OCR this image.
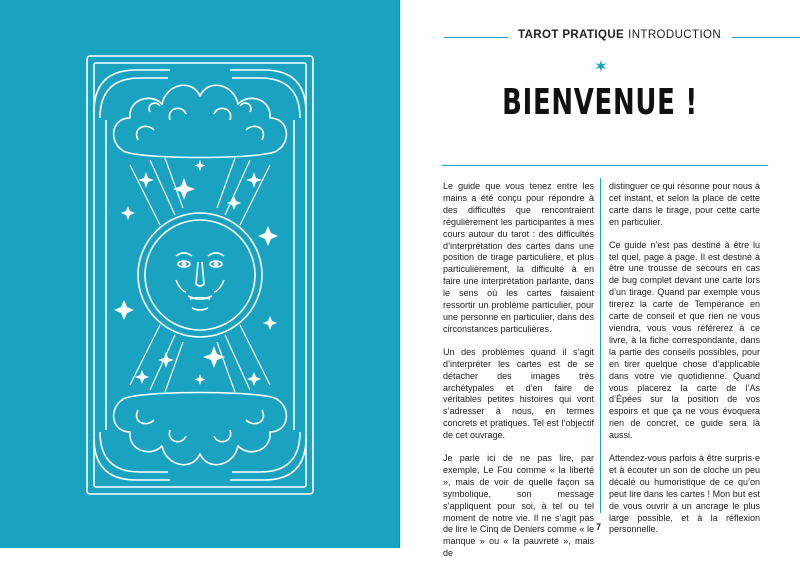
TAROT PRATIQUE INTRODUCTION
BIENVENUE !

Le guide que vous tenez entre les mains a été conçu pour répondre à des difficultés que rencontraient régulièrement les participantes à mes cours autour du tarot : des difficultés d’interprétation des cartes dans une position de tirage particulière, et plus particulièrement, la difficulté à en faire une interprétation parlante, dans le sens où les cartes faisaient ressortir un problème particulier, pour une personne en particulier, dans des circonstances particulières.

Un des problèmes quand il s’agit d’interpréter les cartes est de se détacher des images très archétypales et d’en faire de véritables petites histoires qui vont s’adresser à nous, en termes concrets et pratiques. Tel est l’objectif de cet ouvrage.

Je parle ici de ne pas lire, par exemple, Le Fou comme « la liberté », mais de voir de quelle façon sa symbolique, son message s’appliquent pour soi, à tel ou tel moment de notre vie. Il ne s’agit pas de lire le Cinq de Deniers comme « le manque » ou « la pauvreté », mais de

distinguer ce qui résonne pour nous à cet instant, et selon la place de cette carte dans le tirage, pour cette carte en particulier.

Ce guide n’est pas destiné à être lu tel quel, page à page. Il est destiné à être une trousse de secours en cas de bug complet devant une carte lors d’un tirage. Quand par exemple vous tirerez la carte de Tempérance en carte de conseil et que rien ne vous viendra, vous vous référerez à ce livre, à la fiche correspondante, dans la partie des conseils possibles, pour en tirer quelque chose d’applicable dans votre vie quotidienne. Quand vous placerez la carte de l’As d’Épées sur la position de vos espoirs et que ça ne vous évoquera rien de concret, ce guide sera là aussi.

Attendez-vous parfois à être surpris·e et à écouter un son de cloche un peu décalé ou humoristique de ce qu’on peut lire dans les cartes ! Mon but est de vous ouvrir à un ancrage le plus large possible, et à la réflexion personnelle.

7
